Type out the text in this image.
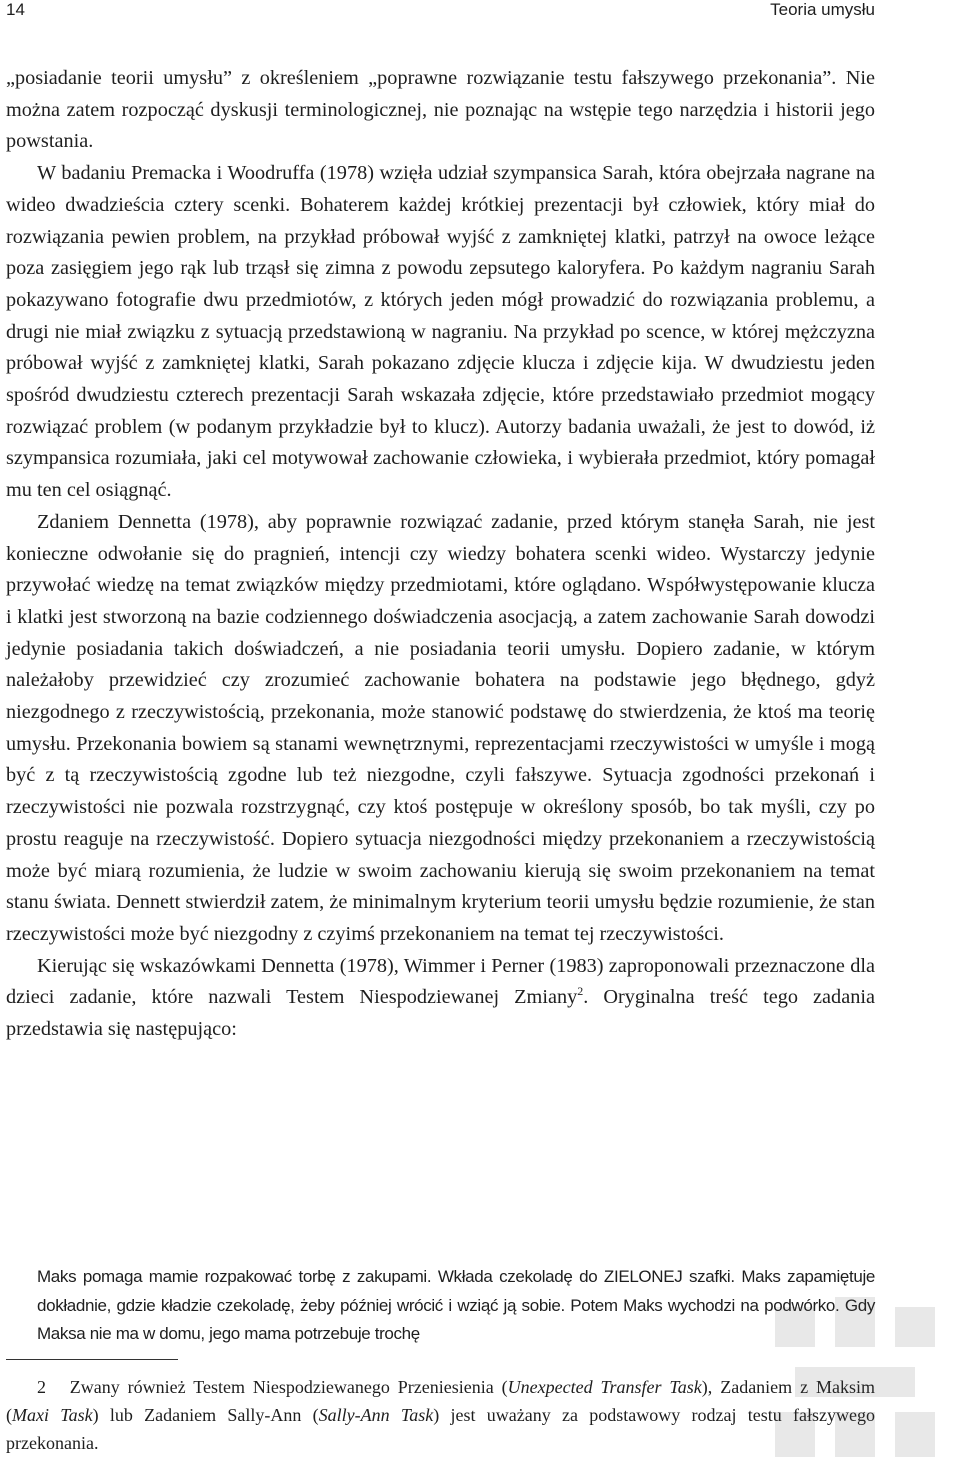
14	Teoria umysłu

„posiadanie teorii umysłu” z określeniem „poprawne rozwiązanie testu fałszywego przekonania”. Nie można zatem rozpocząć dyskusji terminologicznej, nie poznając na wstępie tego narzędzia i historii jego powstania.

W badaniu Premacka i Woodruffa (1978) wzięła udział szympansica Sarah, która obejrzała nagrane na wideo dwadzieścia cztery scenki. Bohaterem każdej krótkiej prezentacji był człowiek, który miał do rozwiązania pewien problem, na przykład próbował wyjść z zamkniętej klatki, patrzył na owoce leżące poza zasięgiem jego rąk lub trząsł się zimna z powodu zepsutego kaloryfera. Po każdym nagraniu Sarah pokazywano fotografie dwu przedmiotów, z których jeden mógł prowadzić do rozwiązania problemu, a drugi nie miał związku z sytuacją przedstawioną w nagraniu. Na przykład po scence, w której mężczyzna próbował wyjść z zamkniętej klatki, Sarah pokazano zdjęcie klucza i zdjęcie kija. W dwudziestu jeden spośród dwudziestu czterech prezentacji Sarah wskazała zdjęcie, które przedstawiało przedmiot mogący rozwiązać problem (w podanym przykładzie był to klucz). Autorzy badania uważali, że jest to dowód, iż szympansica rozumiała, jaki cel motywował zachowanie człowieka, i wybierała przedmiot, który pomagał mu ten cel osiągnąć.

Zdaniem Dennetta (1978), aby poprawnie rozwiązać zadanie, przed którym stanęła Sarah, nie jest konieczne odwołanie się do pragnień, intencji czy wiedzy bohatera scenki wideo. Wystarczy jedynie przywołać wiedzę na temat związków między przedmiotami, które oglądano. Współwystępowanie klucza i klatki jest stworzoną na bazie codziennego doświadczenia asocjacją, a zatem zachowanie Sarah dowodzi jedynie posiadania takich doświadczeń, a nie posiadania teorii umysłu. Dopiero zadanie, w którym należałoby przewidzieć czy zrozumieć zachowanie bohatera na podstawie jego błędnego, gdyż niezgodnego z rzeczywistością, przekonania, może stanowić podstawę do stwierdzenia, że ktoś ma teorię umysłu. Przekonania bowiem są stanami wewnętrznymi, reprezentacjami rzeczywistości w umyśle i mogą być z tą rzeczywistością zgodne lub też niezgodne, czyli fałszywe. Sytuacja zgodności przekonań i rzeczywistości nie pozwala rozstrzygnąć, czy ktoś postępuje w określony sposób, bo tak myśli, czy po prostu reaguje na rzeczywistość. Dopiero sytuacja niezgodności między przekonaniem a rzeczywistością może być miarą rozumienia, że ludzie w swoim zachowaniu kierują się swoim przekonaniem na temat stanu świata. Dennett stwierdził zatem, że minimalnym kryterium teorii umysłu będzie rozumienie, że stan rzeczywistości może być niezgodny z czyimś przekonaniem na temat tej rzeczywistości.

Kierując się wskazówkami Dennetta (1978), Wimmer i Perner (1983) zaproponowali przeznaczone dla dzieci zadanie, które nazwali Testem Niespodziewanej Zmiany$^2$. Oryginalna treść tego zadania przedstawia się następująco:

Maks pomaga mamie rozpakować torbę z zakupami. Wkłada czekoladę do ZIELONEJ szafki. Maks zapamiętuje dokładnie, gdzie kładzie czekoladę, żeby później wrócić i wziąć ją sobie. Potem Maks wychodzi na podwórko. Gdy Maksa nie ma w domu, jego mama potrzebuje trochę

2 Zwany również Testem Niespodziewanego Przeniesienia (Unexpected Transfer Task), Zadaniem z Maksim (Maxi Task) lub Zadaniem Sally-Ann (Sally-Ann Task) jest uważany za podstawowy rodzaj testu fałszywego przekonania.
